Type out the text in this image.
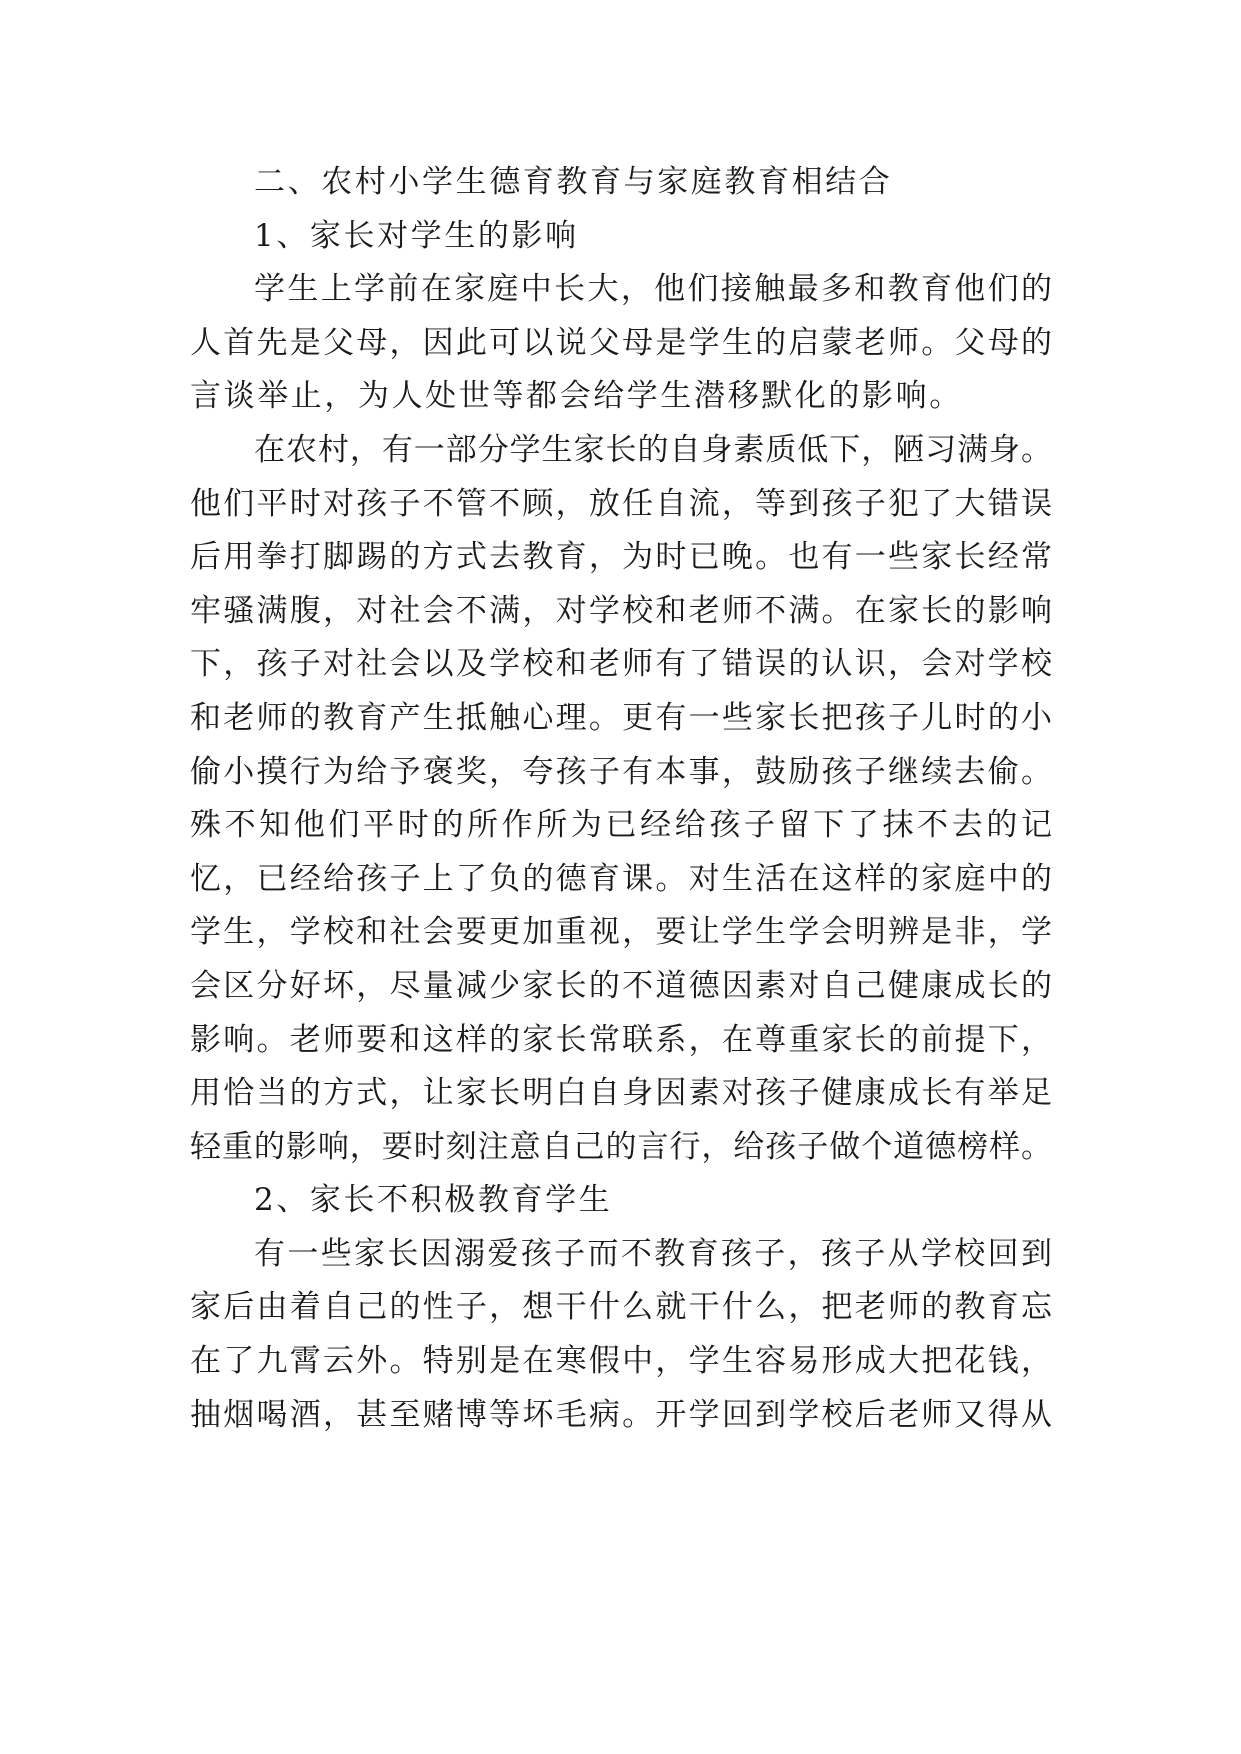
二、农村小学生德育教育与家庭教育相结合
1、家长对学生的影响
学生上学前在家庭中长大，他们接触最多和教育他们的
人首先是父母，因此可以说父母是学生的启蒙老师。父母的
言谈举止，为人处世等都会给学生潜移默化的影响。
在农村，有一部分学生家长的自身素质低下，陋习满身。
他们平时对孩子不管不顾，放任自流，等到孩子犯了大错误
后用拳打脚踢的方式去教育，为时已晚。也有一些家长经常
牢骚满腹，对社会不满，对学校和老师不满。在家长的影响
下，孩子对社会以及学校和老师有了错误的认识，会对学校
和老师的教育产生抵触心理。更有一些家长把孩子儿时的小
偷小摸行为给予褒奖，夸孩子有本事，鼓励孩子继续去偷。
殊不知他们平时的所作所为已经给孩子留下了抹不去的记
忆，已经给孩子上了负的德育课。对生活在这样的家庭中的
学生，学校和社会要更加重视，要让学生学会明辨是非，学
会区分好坏，尽量减少家长的不道德因素对自己健康成长的
影响。老师要和这样的家长常联系，在尊重家长的前提下，
用恰当的方式，让家长明白自身因素对孩子健康成长有举足
轻重的影响，要时刻注意自己的言行，给孩子做个道德榜样。
2、家长不积极教育学生
有一些家长因溺爱孩子而不教育孩子，孩子从学校回到
家后由着自己的性子，想干什么就干什么，把老师的教育忘
在了九霄云外。特别是在寒假中，学生容易形成大把花钱，
抽烟喝酒，甚至赌博等坏毛病。开学回到学校后老师又得从
